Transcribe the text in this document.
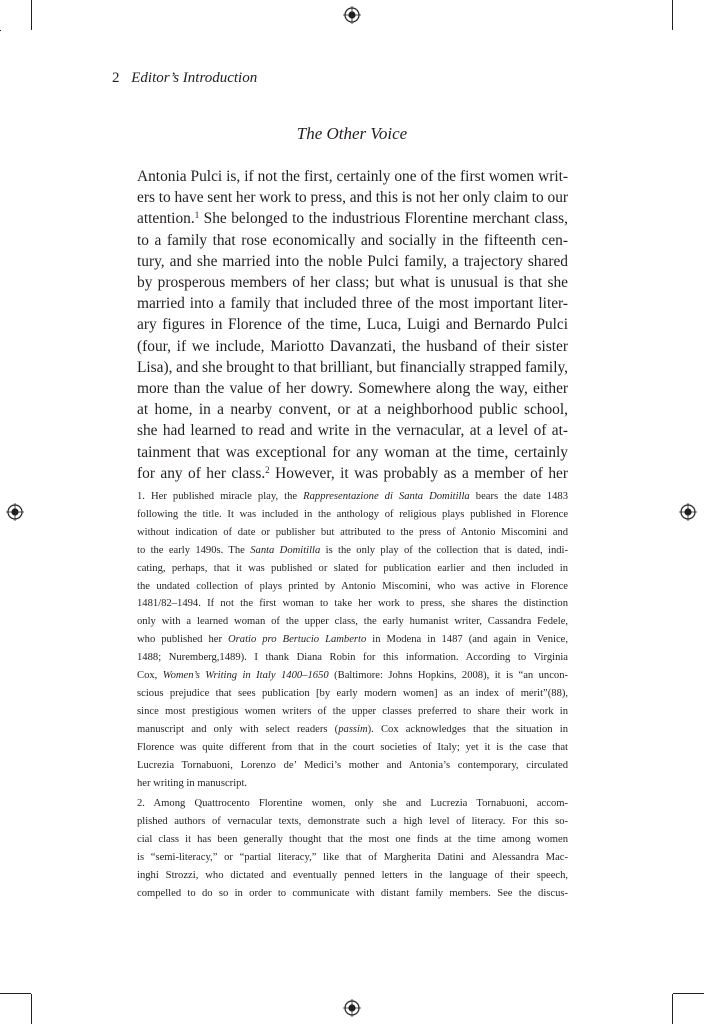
2 Editor’s Introduction
The Other Voice
Antonia Pulci is, if not the first, certainly one of the first women writ-
ers to have sent her work to press, and this is not her only claim to our
attention.$^1$ She belonged to the industrious Florentine merchant class,
to a family that rose economically and socially in the fifteenth cen-
tury, and she married into the noble Pulci family, a trajectory shared
by prosperous members of her class; but what is unusual is that she
married into a family that included three of the most important liter-
ary figures in Florence of the time, Luca, Luigi and Bernardo Pulci
(four, if we include, Mariotto Davanzati, the husband of their sister
Lisa), and she brought to that brilliant, but financially strapped family,
more than the value of her dowry. Somewhere along the way, either
at home, in a nearby convent, or at a neighborhood public school,
she had learned to read and write in the vernacular, at a level of at-
tainment that was exceptional for any woman at the time, certainly
for any of her class.$^2$ However, it was probably as a member of her
1. Her published miracle play, the Rappresentazione di Santa Domitilla bears the date 1483
following the title. It was included in the anthology of religious plays published in Florence
without indication of date or publisher but attributed to the press of Antonio Miscomini and
to the early 1490s. The Santa Domitilla is the only play of the collection that is dated, indi-
cating, perhaps, that it was published or slated for publication earlier and then included in
the undated collection of plays printed by Antonio Miscomini, who was active in Florence
1481/82–1494. If not the first woman to take her work to press, she shares the distinction
only with a learned woman of the upper class, the early humanist writer, Cassandra Fedele,
who published her Oratio pro Bertucio Lamberto in Modena in 1487 (and again in Venice,
1488; Nuremberg,1489). I thank Diana Robin for this information. According to Virginia
Cox, Women’s Writing in Italy 1400–1650 (Baltimore: Johns Hopkins, 2008), it is “an uncon-
scious prejudice that sees publication [by early modern women] as an index of merit”(88),
since most prestigious women writers of the upper classes preferred to share their work in
manuscript and only with select readers (passim). Cox acknowledges that the situation in
Florence was quite different from that in the court societies of Italy; yet it is the case that
Lucrezia Tornabuoni, Lorenzo de’ Medici’s mother and Antonia’s contemporary, circulated
her writing in manuscript.
2. Among Quattrocento Florentine women, only she and Lucrezia Tornabuoni, accom-
plished authors of vernacular texts, demonstrate such a high level of literacy. For this so-
cial class it has been generally thought that the most one finds at the time among women
is “semi-literacy,” or “partial literacy,” like that of Margherita Datini and Alessandra Mac-
inghi Strozzi, who dictated and eventually penned letters in the language of their speech,
compelled to do so in order to communicate with distant family members. See the discus-
